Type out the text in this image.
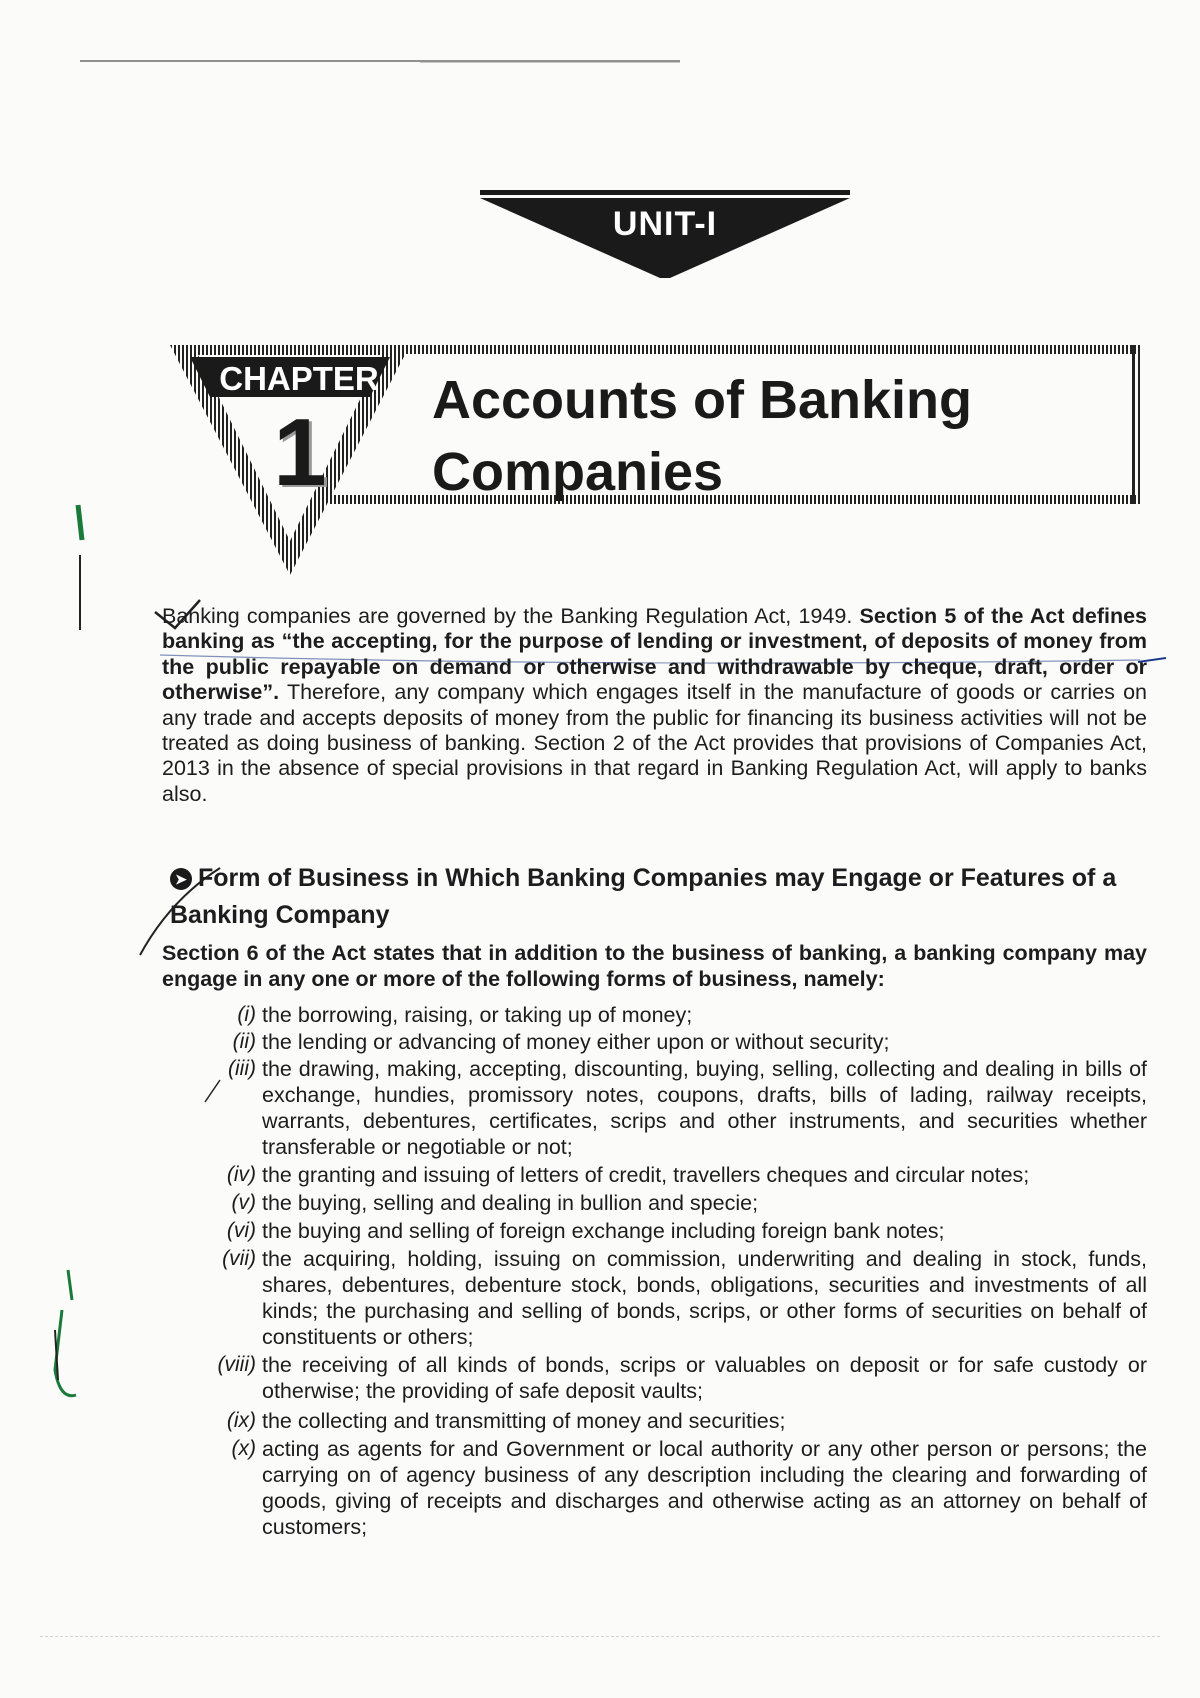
UNIT-I
CHAPTER
1	Accounts of Banking
Companies
Banking companies are governed by the Banking Regulation Act, 1949. Section 5 of the Act defines banking as “the accepting, for the purpose of lending or investment, of deposits of money from the public repayable on demand or otherwise and withdrawable by cheque, draft, order or otherwise”. Therefore, any company which engages itself in the manufacture of goods or carries on any trade and accepts deposits of money from the public for financing its business activities will not be treated as doing business of banking. Section 2 of the Act provides that provisions of Companies Act, 2013 in the absence of special provisions in that regard in Banking Regulation Act, will apply to banks also.
➤ Form of Business in Which Banking Companies may Engage or Features of a Banking Company
Section 6 of the Act states that in addition to the business of banking, a banking company may engage in any one or more of the following forms of business, namely:
(i) the borrowing, raising, or taking up of money;
(ii) the lending or advancing of money either upon or without security;
(iii) the drawing, making, accepting, discounting, buying, selling, collecting and dealing in bills of exchange, hundies, promissory notes, coupons, drafts, bills of lading, railway receipts, warrants, debentures, certificates, scrips and other instruments, and securities whether transferable or negotiable or not;
(iv) the granting and issuing of letters of credit, travellers cheques and circular notes;
(v) the buying, selling and dealing in bullion and specie;
(vi) the buying and selling of foreign exchange including foreign bank notes;
(vii) the acquiring, holding, issuing on commission, underwriting and dealing in stock, funds, shares, debentures, debenture stock, bonds, obligations, securities and investments of all kinds; the purchasing and selling of bonds, scrips, or other forms of securities on behalf of constituents or others;
(viii) the receiving of all kinds of bonds, scrips or valuables on deposit or for safe custody or otherwise; the providing of safe deposit vaults;
(ix) the collecting and transmitting of money and securities;
(x) acting as agents for and Government or local authority or any other person or persons; the carrying on of agency business of any description including the clearing and forwarding of goods, giving of receipts and discharges and otherwise acting as an attorney on behalf of customers;
